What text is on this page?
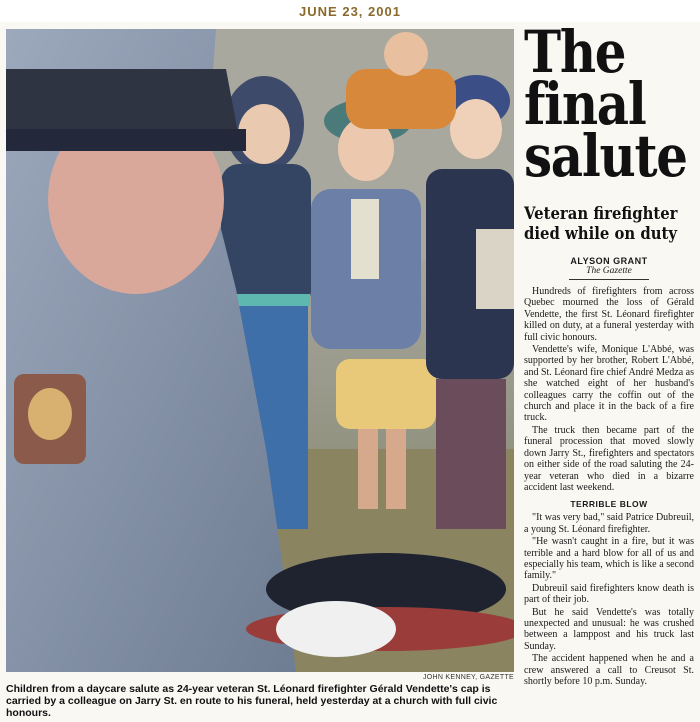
JUNE 23, 2001
JOHN KENNEY, GAZETTE
Children from a daycare salute as 24-year veteran St. Léonard firefighter Gérald Vendette's cap is carried by a colleague on Jarry St. en route to his funeral, held yesterday at a church with full civic honours.
The
final
salute
Veteran firefighter
died while on duty
ALYSON GRANT
The Gazette

Hundreds of firefighters from across Quebec mourned the loss of Gérald Vendette, the first St. Léonard firefighter killed on duty, at a funeral yesterday with full civic honours.

Vendette's wife, Monique L'Abbé, was supported by her brother, Robert L'Abbé, and St. Léonard fire chief André Medza as she watched eight of her husband's colleagues carry the coffin out of the church and place it in the back of a fire truck.

The truck then became part of the funeral procession that moved slowly down Jarry St., firefighters and spectators on either side of the road saluting the 24-year veteran who died in a bizarre accident last weekend.

TERRIBLE BLOW

"It was very bad," said Patrice Dubreuil, a young St. Léonard firefighter.

"He wasn't caught in a fire, but it was terrible and a hard blow for all of us and especially his team, which is like a second family."

Dubreuil said firefighters know death is part of their job.

But he said Vendette's was totally unexpected and unusual: he was crushed between a lamppost and his truck last Sunday.

The accident happened when he and a crew answered a call to Creusot St. shortly before 10 p.m. Sunday.
